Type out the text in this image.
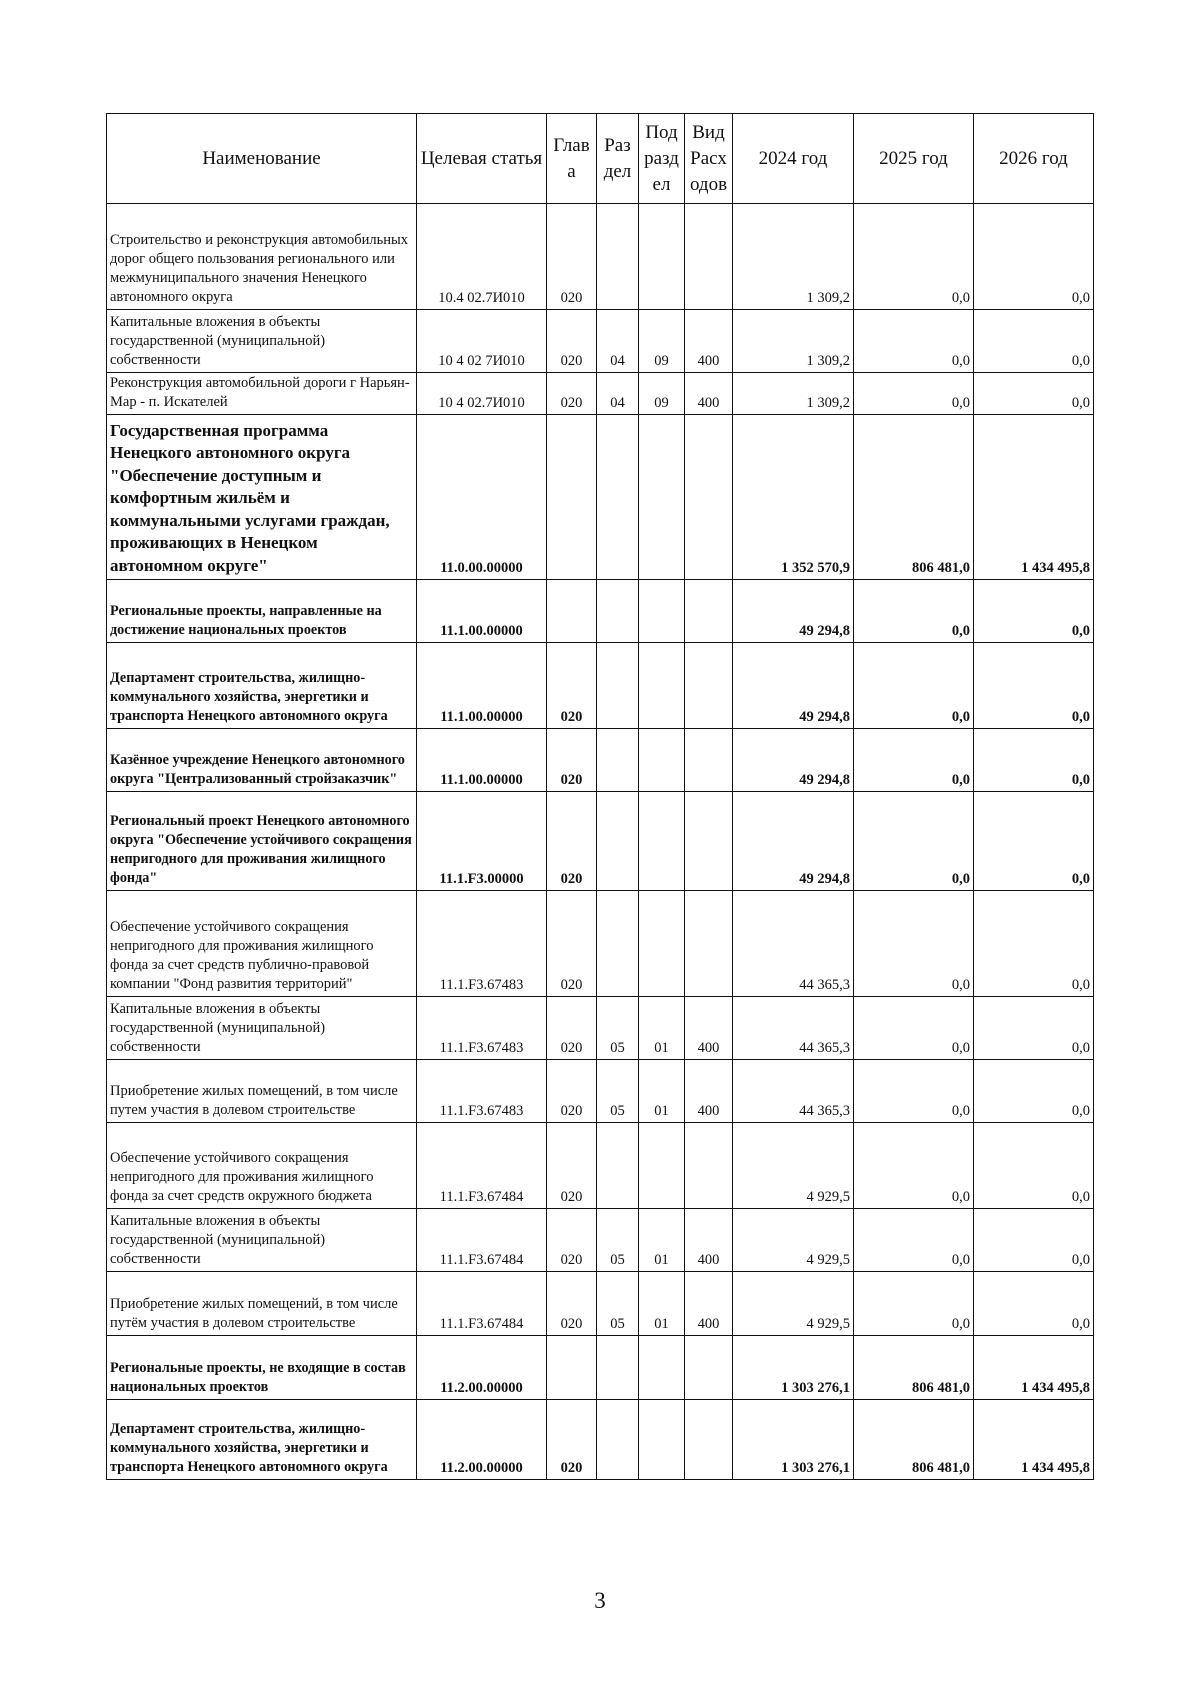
Наименование	Целевая статья	Глав а	Раз дел	Под разд ел	Вид Расх одов	2024 год	2025 год	2026 год
Строительство и реконструкция автомобильных дорог общего пользования регионального или межмуниципального значения Ненецкого автономного округа	10.4 02.7И010	020				1 309,2	0,0	0,0
Капитальные вложения в объекты государственной (муниципальной) собственности	10 4 02 7И010	020	04	09	400	1 309,2	0,0	0,0
Реконструкция автомобильной дороги г Нарьян-Мар - п. Искателей	10 4 02.7И010	020	04	09	400	1 309,2	0,0	0,0
Государственная программа Ненецкого автономного округа "Обеспечение доступным и комфортным жильём и коммунальными услугами граждан, проживающих в Ненецком автономном округе"	11.0.00.00000					1 352 570,9	806 481,0	1 434 495,8
Региональные проекты, направленные на достижение национальных проектов	11.1.00.00000					49 294,8	0,0	0,0
Департамент строительства, жилищно-коммунального хозяйства, энергетики и транспорта Ненецкого автономного округа	11.1.00.00000	020				49 294,8	0,0	0,0
Казённое учреждение Ненецкого автономного округа "Централизованный стройзаказчик"	11.1.00.00000	020				49 294,8	0,0	0,0
Региональный проект Ненецкого автономного округа "Обеспечение устойчивого сокращения непригодного для проживания жилищного фонда"	11.1.F3.00000	020				49 294,8	0,0	0,0
Обеспечение устойчивого сокращения непригодного для проживания жилищного фонда за счет средств публично-правовой компании "Фонд развития территорий"	11.1.F3.67483	020				44 365,3	0,0	0,0
Капитальные вложения в объекты государственной (муниципальной) собственности	11.1.F3.67483	020	05	01	400	44 365,3	0,0	0,0
Приобретение жилых помещений, в том числе путем участия в долевом строительстве	11.1.F3.67483	020	05	01	400	44 365,3	0,0	0,0
Обеспечение устойчивого сокращения непригодного для проживания жилищного фонда за счет средств окружного бюджета	11.1.F3.67484	020				4 929,5	0,0	0,0
Капитальные вложения в объекты государственной (муниципальной) собственности	11.1.F3.67484	020	05	01	400	4 929,5	0,0	0,0
Приобретение жилых помещений, в том числе путём участия в долевом строительстве	11.1.F3.67484	020	05	01	400	4 929,5	0,0	0,0
Региональные проекты, не входящие в состав национальных проектов	11.2.00.00000					1 303 276,1	806 481,0	1 434 495,8
Департамент строительства, жилищно-коммунального хозяйства, энергетики и транспорта Ненецкого автономного округа	11.2.00.00000	020				1 303 276,1	806 481,0	1 434 495,8
3
